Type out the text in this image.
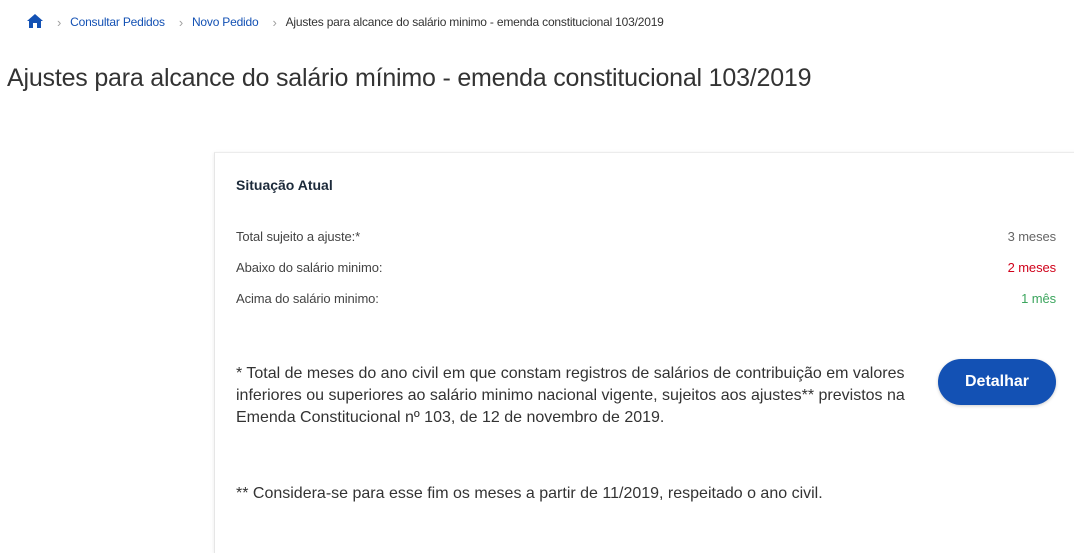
› Consultar Pedidos › Novo Pedido › Ajustes para alcance do salário minimo - emenda constitucional 103/2019
Ajustes para alcance do salário mínimo - emenda constitucional 103/2019
Situação Atual
Total sujeito a ajuste:*	3 meses
Abaixo do salário minimo:	2 meses
Acima do salário minimo:	1 mês

* Total de meses do ano civil em que constam registros de salários de contribuição em valores inferiores ou superiores ao salário minimo nacional vigente, sujeitos aos ajustes** previstos na Emenda Constitucional nº 103, de 12 de novembro de 2019.

Detalhar

** Considera-se para esse fim os meses a partir de 11/2019, respeitado o ano civil.
